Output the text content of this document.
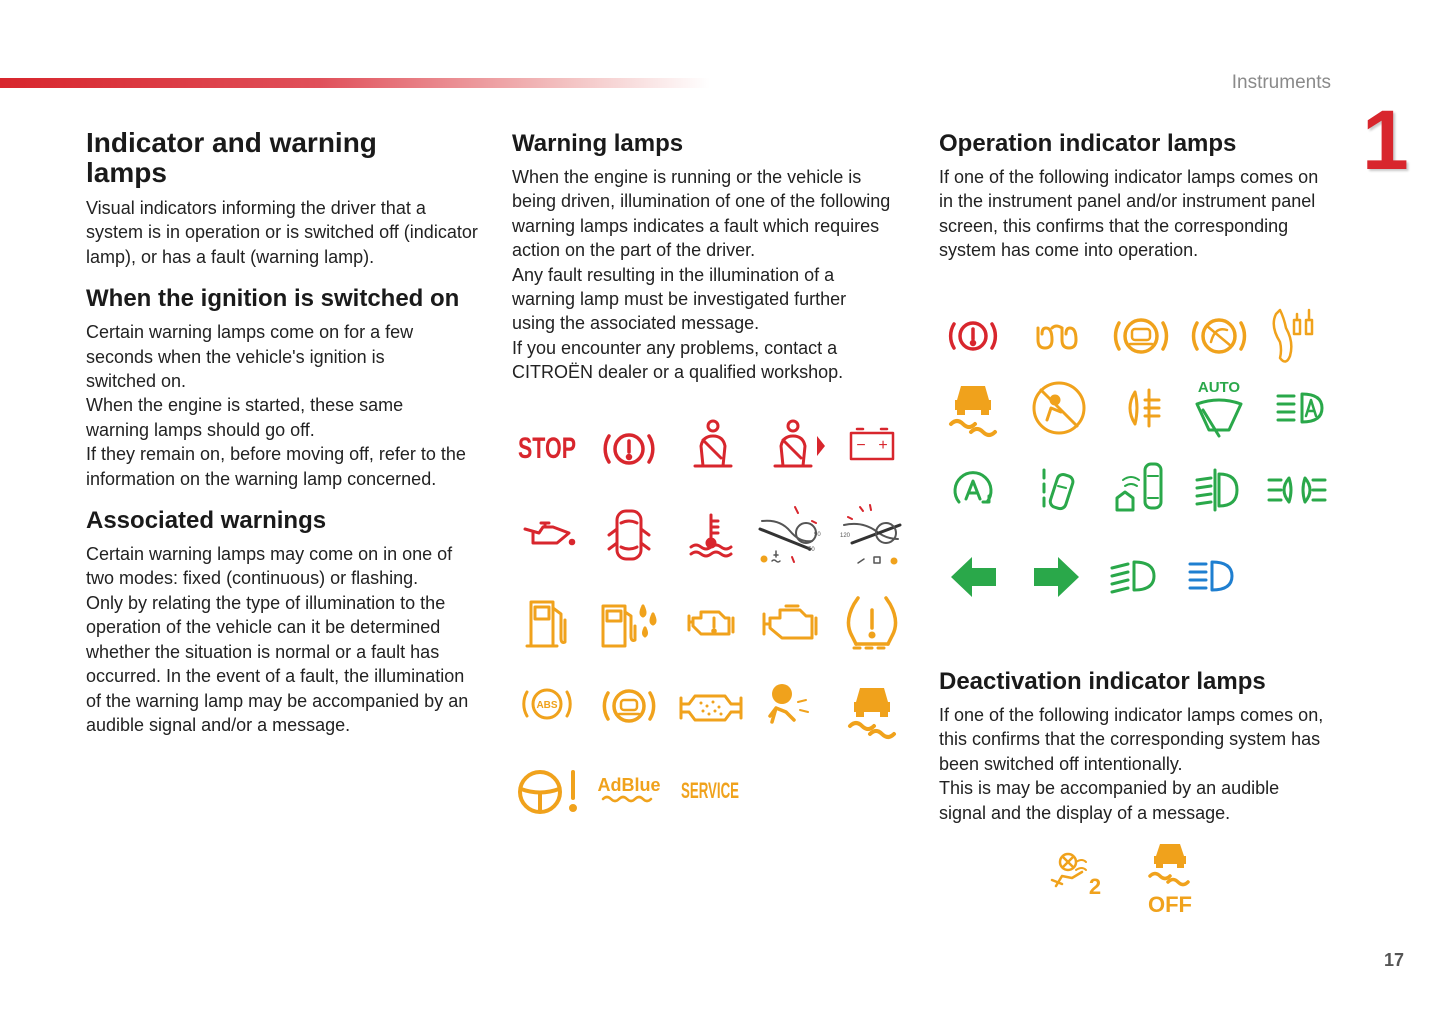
Instruments
1
17
Indicator and warning lamps

Visual indicators informing the driver that a system is in operation or is switched off (indicator lamp), or has a fault (warning lamp).

When the ignition is switched on

Certain warning lamps come on for a few seconds when the vehicle's ignition is switched on.

When the engine is started, these same warning lamps should go off.

If they remain on, before moving off, refer to the information on the warning lamp concerned.

Associated warnings

Certain warning lamps may come on in one of two modes: fixed (continuous) or flashing.

Only by relating the type of illumination to the operation of the vehicle can it be determined whether the situation is normal or a fault has occurred. In the event of a fault, the illumination of the warning lamp may be accompanied by an audible signal and/or a message.

Warning lamps

When the engine is running or the vehicle is being driven, illumination of one of the following warning lamps indicates a fault which requires action on the part of the driver.

Any fault resulting in the illumination of a warning lamp must be investigated further using the associated message.

If you encounter any problems, contact a CITROËN dealer or a qualified workshop.

Operation indicator lamps

If one of the following indicator lamps comes on in the instrument panel and/or instrument panel screen, this confirms that the corresponding system has come into operation.

Deactivation indicator lamps

If one of the following indicator lamps comes on, this confirms that the corresponding system has been switched off intentionally.

This is may be accompanied by an audible signal and the display of a message.

STOP	− +
90
50
120
ABS
AdBlue SERVICE
AUTO
2
OFF
